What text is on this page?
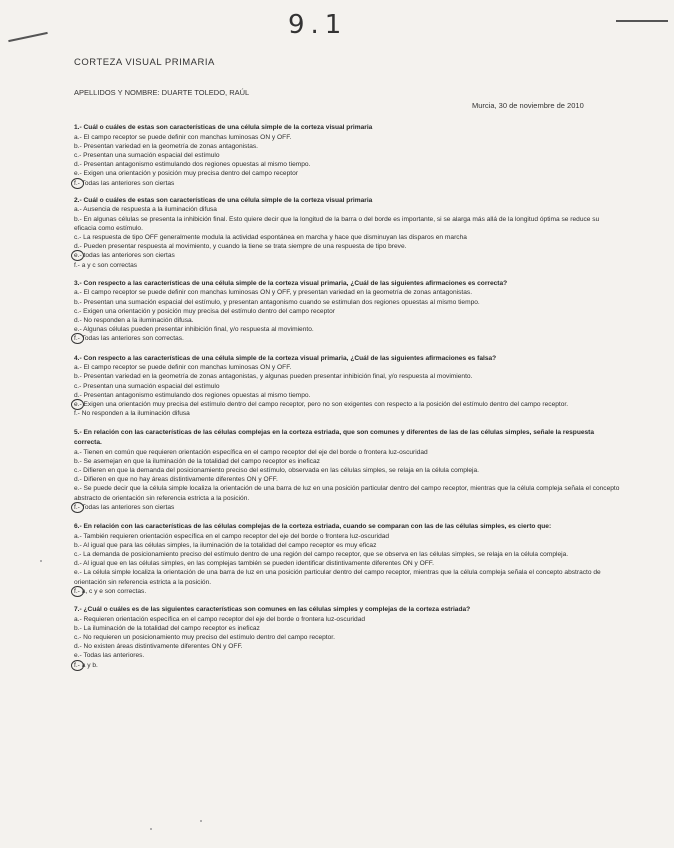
9.1
CORTEZA VISUAL PRIMARIA
APELLIDOS Y NOMBRE: DUARTE TOLEDO, RAÚL
Murcia, 30 de noviembre de 2010
1.- Cuál o cuáles de estas son características de una célula simple de la corteza visual primaria
a.- El campo receptor se puede definir con manchas luminosas ON y OFF.
b.- Presentan variedad en la geometría de zonas antagonistas.
c.- Presentan una sumación espacial del estímulo
d.- Presentan antagonismo estimulando dos regiones opuestas al mismo tiempo.
e.- Exigen una orientación y posición muy precisa dentro del campo receptor
f.- Todas las anteriores son ciertas
2.- Cuál o cuáles de estas son características de una célula simple de la corteza visual primaria
a.- Ausencia de respuesta a la iluminación difusa
b.- En algunas células se presenta la inhibición final. Esto quiere decir que la longitud de la barra o del borde es importante, si se alarga más allá de la longitud óptima se reduce su eficacia como estímulo.
c.- La respuesta de tipo OFF generalmente modula la actividad espontánea en marcha y hace que disminuyan las disparos en marcha
d.- Pueden presentar respuesta al movimiento, y cuando la tiene se trata siempre de una respuesta de tipo breve.
e.- todas las anteriores son ciertas
f.- a y c son correctas
3.- Con respecto a las características de una célula simple de la corteza visual primaria, ¿Cuál de las siguientes afirmaciones es correcta?
a.- El campo receptor se puede definir con manchas luminosas ON y OFF, y presentan variedad en la geometría de zonas antagonistas.
b.- Presentan una sumación espacial del estímulo, y presentan antagonismo cuando se estimulan dos regiones opuestas al mismo tiempo.
c.- Exigen una orientación y posición muy precisa del estímulo dentro del campo receptor
d.- No responden a la iluminación difusa.
e.- Algunas células pueden presentar inhibición final, y/o respuesta al movimiento.
f.- Todas las anteriores son correctas.
4.- Con respecto a las características de una célula simple de la corteza visual primaria, ¿Cuál de las siguientes afirmaciones es falsa?
a.- El campo receptor se puede definir con manchas luminosas ON y OFF.
b.- Presentan variedad en la geometría de zonas antagonistas, y algunas pueden presentar inhibición final, y/o respuesta al movimiento.
c.- Presentan una sumación espacial del estímulo
d.- Presentan antagonismo estimulando dos regiones opuestas al mismo tiempo.
e.- Exigen una orientación muy precisa del estímulo dentro del campo receptor, pero no son exigentes con respecto a la posición del estímulo dentro del campo receptor.
f.- No responden a la iluminación difusa
5.- En relación con las características de las células complejas en la corteza estriada, que son comunes y diferentes de las de las células simples, señale la respuesta correcta.
a.- Tienen en común que requieren orientación específica en el campo receptor del eje del borde o frontera luz-oscuridad
b.- Se asemejan en que la iluminación de la totalidad del campo receptor es ineficaz
c.- Difieren en que la demanda del posicionamiento preciso del estímulo, observada en las células simples, se relaja en la célula compleja.
d.- Difieren en que no hay áreas distintivamente diferentes ON y OFF.
e.- Se puede decir que la célula simple localiza la orientación de una barra de luz en una posición particular dentro del campo receptor, mientras que la célula compleja señala el concepto abstracto de orientación sin referencia estricta a la posición.
f.- Todas las anteriores son ciertas
6.- En relación con las características de las células complejas de la corteza estriada, cuando se comparan con las de las células simples, es cierto que:
a.- También requieren orientación específica en el campo receptor del eje del borde o frontera luz-oscuridad
b.- Al igual que para las células simples, la iluminación de la totalidad del campo receptor es muy eficaz
c.- La demanda de posicionamiento preciso del estímulo dentro de una región del campo receptor, que se observa en las células simples, se relaja en la célula compleja.
d.- Al igual que en las células simples, en las complejas también se pueden identificar distintivamente diferentes ON y OFF.
e.- La célula simple localiza la orientación de una barra de luz en una posición particular dentro del campo receptor, mientras que la célula compleja señala el concepto abstracto de orientación sin referencia estricta a la posición.
f.- a, c y e son correctas.
7.- ¿Cuál o cuáles es de las siguientes características son comunes en las células simples y complejas de la corteza estriada?
a.- Requieren orientación específica en el campo receptor del eje del borde o frontera luz-oscuridad
b.- La iluminación de la totalidad del campo receptor es ineficaz
c.- No requieren un posicionamiento muy preciso del estímulo dentro del campo receptor.
d.- No existen áreas distintivamente diferentes ON y OFF.
e.- Todas las anteriores.
f.- a y b.
